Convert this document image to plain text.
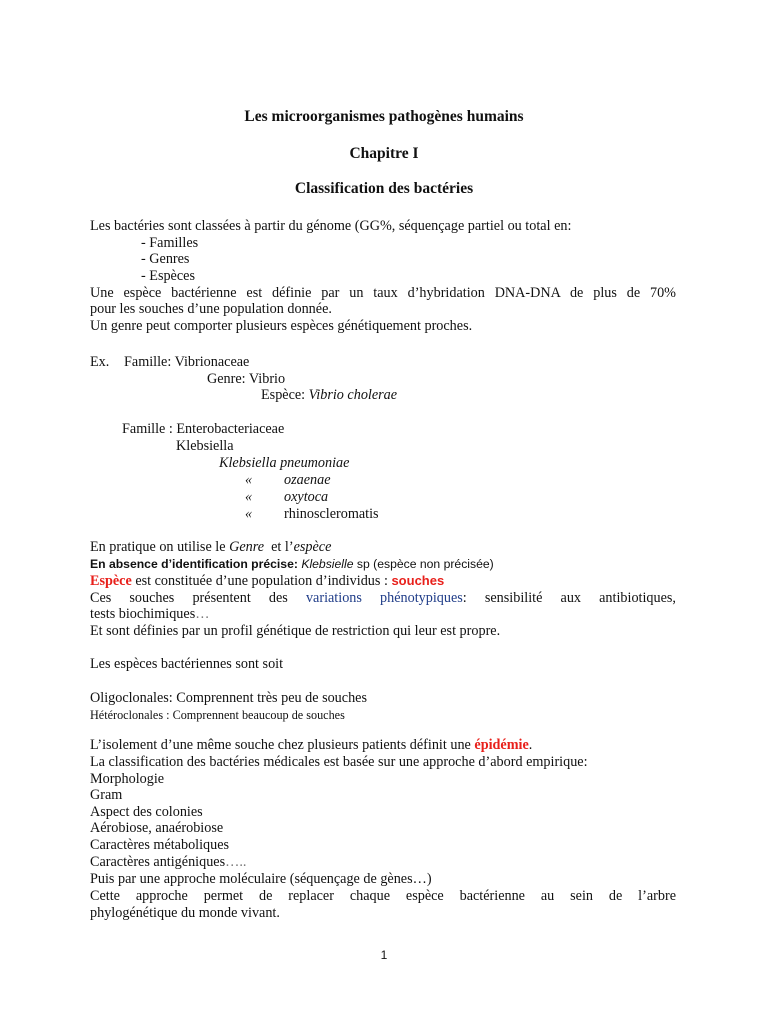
Les microorganismes pathogènes humains
Chapitre I
Classification des bactéries
Les bactéries sont classées à partir du génome (GG%, séquençage partiel ou total en:
- Familles
- Genres
- Espèces
Une espèce bactérienne est définie par un taux d’hybridation DNA-DNA de plus de 70%
pour les souches d’une population donnée.
Un genre peut comporter plusieurs espèces génétiquement proches.
Ex. Famille: Vibrionaceae
Genre: Vibrio
Espèce: Vibrio cholerae
Famille : Enterobacteriaceae
Klebsiella
Klebsiella pneumoniae
« ozaenae
« oxytoca
« rhinoscleromatis
En pratique on utilise le Genre et l’espèce
En absence d’identification précise: Klebsielle sp (espèce non précisée)
Espèce est constituée d’une population d’individus : souches
Ces souches présentent des variations phénotypiques: sensibilité aux antibiotiques,
tests biochimiques…
Et sont définies par un profil génétique de restriction qui leur est propre.
Les espèces bactériennes sont soit
Oligoclonales: Comprennent très peu de souches
Hétéroclonales : Comprennent beaucoup de souches
L’isolement d’une même souche chez plusieurs patients définit une épidémie.
La classification des bactéries médicales est basée sur une approche d’abord empirique:
Morphologie
Gram
Aspect des colonies
Aérobiose, anaérobiose
Caractères métaboliques
Caractères antigéniques…..
Puis par une approche moléculaire (séquençage de gènes…)
Cette approche permet de replacer chaque espèce bactérienne au sein de l’arbre
phylogénétique du monde vivant.
1
